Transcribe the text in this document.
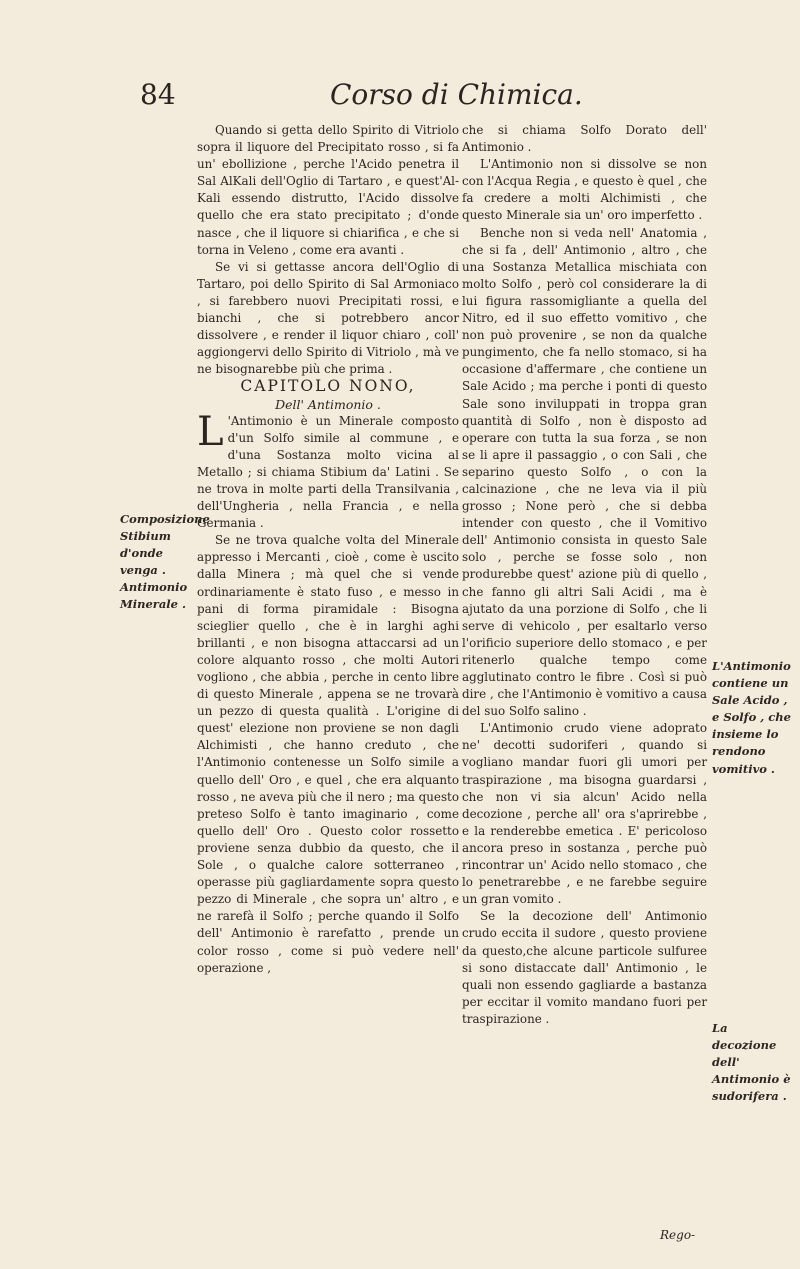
84	Corso di Chimica.

Quando si getta dello Spirito di Vitriolo sopra il liquore del Precipitato rosso , si fa un' ebollizione , perche l'Acido penetra il Sal AlKali dell'Oglio di Tartaro , e quest'Al-Kali essendo distrutto, l'Acido dissolve quello che era stato precipitato ; d'onde nasce , che il liquore si chiarifica , e che si torna in Veleno , come era avanti .

Se vi si gettasse ancora dell'Oglio di Tartaro, poi dello Spirito di Sal Armoniaco , si farebbero nuovi Precipitati rossi, e bianchi , che si potrebbero ancor dissolvere , e render il liquor chiaro , coll' aggiongervi dello Spirito di Vitriolo , mà ve ne bisognarebbe più che prima .

CAPITOLO NONO,

Dell' Antimonio .

L 'Antimonio è un Minerale composto d'un Solfo simile al commune , e d'una Sostanza molto vicina al Metallo ; si chiama Stibium da' Latini . Se ne trova in molte parti della Transilvania , dell'Ungheria , nella Francia , e nella Germania .

Se ne trova qualche volta del Minerale appresso i Mercanti , cioè , come è uscito dalla Minera ; mà quel che si vende ordinariamente è stato fuso , e messo in pani di forma piramidale : Bisogna scieglier quello , che è in larghi aghi brillanti , e non bisogna attaccarsi ad un colore alquanto rosso , che molti Autori vogliono , che abbia , perche in cento libre di questo Minerale , appena se ne trovarà un pezzo di questa qualità . L'origine di quest' elezione non proviene se non dagli Alchimisti , che hanno creduto , che l'Antimonio contenesse un Solfo simile a quello dell' Oro , e quel , che era alquanto rosso , ne aveva più che il nero ; ma questo preteso Solfo è tanto imaginario , come quello dell' Oro . Questo color rossetto proviene senza dubbio da questo, che il Sole , o qualche calore sotterraneo , operasse più gagliardamente sopra questo pezzo di Minerale , che sopra un' altro , e ne rarefà il Solfo ; perche quando il Solfo dell' Antimonio è rarefatto , prende un color rosso , come si può vedere nell' operazione ,

che si chiama Solfo Dorato dell' Antimonio .

L'Antimonio non si dissolve se non con l'Acqua Regia , e questo è quel , che fa credere a molti Alchimisti , che questo Minerale sia un' oro imperfetto .

Benche non si veda nell' Anatomia , che si fa , dell' Antimonio , altro , che una Sostanza Metallica mischiata con molto Solfo , però col considerare la di lui figura rassomigliante a quella del Nitro, ed il suo effetto vomitivo , che non può provenire , se non da qualche pungimento, che fa nello stomaco, si ha occasione d'affermare , che contiene un Sale Acido ; ma perche i ponti di questo Sale sono inviluppati in troppa gran quantità di Solfo , non è disposto ad operare con tutta la sua forza , se non se li apre il passaggio , o con Sali , che separino questo Solfo , o con la calcinazione , che ne leva via il più grosso ; None però , che si debba intender con questo , che il Vomitivo dell' Antimonio consista in questo Sale solo , perche se fosse solo , non produrebbe quest' azione più di quello , che fanno gli altri Sali Acidi , ma è ajutato da una porzione di Solfo , che li serve di vehicolo , per esaltarlo verso l'orificio superiore dello stomaco , e per ritenerlo qualche tempo come agglutinato contro le fibre . Così si può dire , che l'Antimonio è vomitivo a causa del suo Solfo salino .

L'Antimonio crudo viene adoprato ne' decotti sudoriferi , quando si vogliano mandar fuori gli umori per traspirazione , ma bisogna guardarsi , che non vi sia alcun' Acido nella decozione , perche all' ora s'aprirebbe , e la renderebbe emetica . E' pericoloso ancora preso in sostanza , perche può rincontrar un' Acido nello stomaco , che lo penetrarebbe , e ne farebbe seguire un gran vomito .

Se la decozione dell' Antimonio crudo eccita il sudore , questo proviene da questo,che alcune particole sulfuree si sono distaccate dall' Antimonio , le quali non essendo gagliarde a bastanza per eccitar il vomito mandano fuori per traspirazione .

Composizione Stibium d'onde venga . Antimonio Minerale .
L'Antimonio contiene un Sale Acido , e Solfo , che insieme lo rendono vomitivo .
La decozione dell' Antimonio è sudorifera .
Rego-
